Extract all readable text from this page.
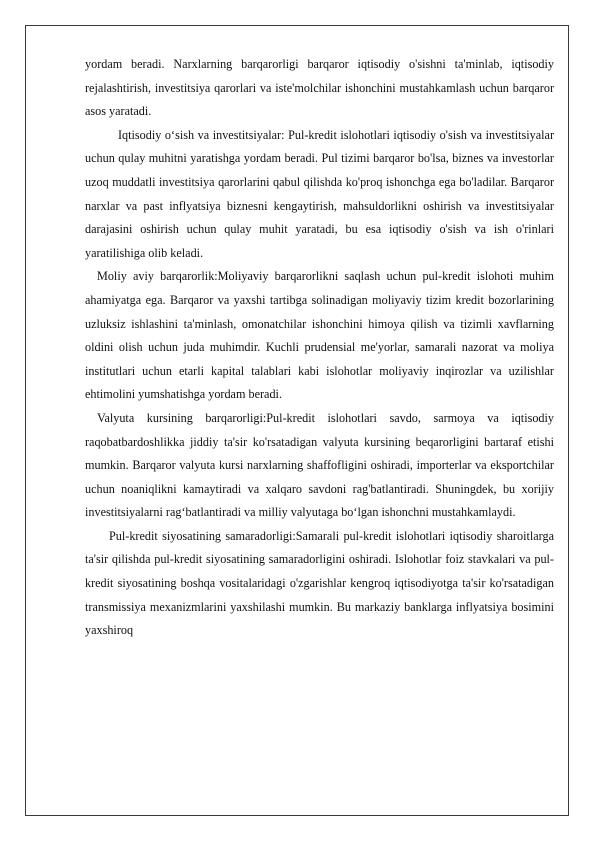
yordam beradi. Narxlarning barqarorligi barqaror iqtisodiy o'sishni ta'minlab, iqtisodiy rejalashtirish, investitsiya qarorlari va iste'molchilar ishonchini mustahkamlash uchun barqaror asos yaratadi.

Iqtisodiy o‘sish va investitsiyalar: Pul-kredit islohotlari iqtisodiy o'sish va investitsiyalar uchun qulay muhitni yaratishga yordam beradi. Pul tizimi barqaror bo'lsa, biznes va investorlar uzoq muddatli investitsiya qarorlarini qabul qilishda ko'proq ishonchga ega bo'ladilar. Barqaror narxlar va past inflyatsiya biznesni kengaytirish, mahsuldorlikni oshirish va investitsiyalar darajasini oshirish uchun qulay muhit yaratadi, bu esa iqtisodiy o'sish va ish o'rinlari yaratilishiga olib keladi.

Moliy aviy barqarorlik:Moliyaviy barqarorlikni saqlash uchun pul-kredit islohoti muhim ahamiyatga ega. Barqaror va yaxshi tartibga solinadigan moliyaviy tizim kredit bozorlarining uzluksiz ishlashini ta'minlash, omonatchilar ishonchini himoya qilish va tizimli xavflarning oldini olish uchun juda muhimdir. Kuchli prudensial me'yorlar, samarali nazorat va moliya institutlari uchun etarli kapital talablari kabi islohotlar moliyaviy inqirozlar va uzilishlar ehtimolini yumshatishga yordam beradi.

Valyuta kursining barqarorligi:Pul-kredit islohotlari savdo, sarmoya va iqtisodiy raqobatbardoshlikka jiddiy ta'sir ko'rsatadigan valyuta kursining beqarorligini bartaraf etishi mumkin. Barqaror valyuta kursi narxlarning shaffofligini oshiradi, importerlar va eksportchilar uchun noaniqlikni kamaytiradi va xalqaro savdoni rag'batlantiradi. Shuningdek, bu xorijiy investitsiyalarni rag‘batlantiradi va milliy valyutaga bo‘lgan ishonchni mustahkamlaydi.

Pul-kredit siyosatining samaradorligi:Samarali pul-kredit islohotlari iqtisodiy sharoitlarga ta'sir qilishda pul-kredit siyosatining samaradorligini oshiradi. Islohotlar foiz stavkalari va pul-kredit siyosatining boshqa vositalaridagi o'zgarishlar kengroq iqtisodiyotga ta'sir ko'rsatadigan transmissiya mexanizmlarini yaxshilashi mumkin. Bu markaziy banklarga inflyatsiya bosimini yaxshiroq
